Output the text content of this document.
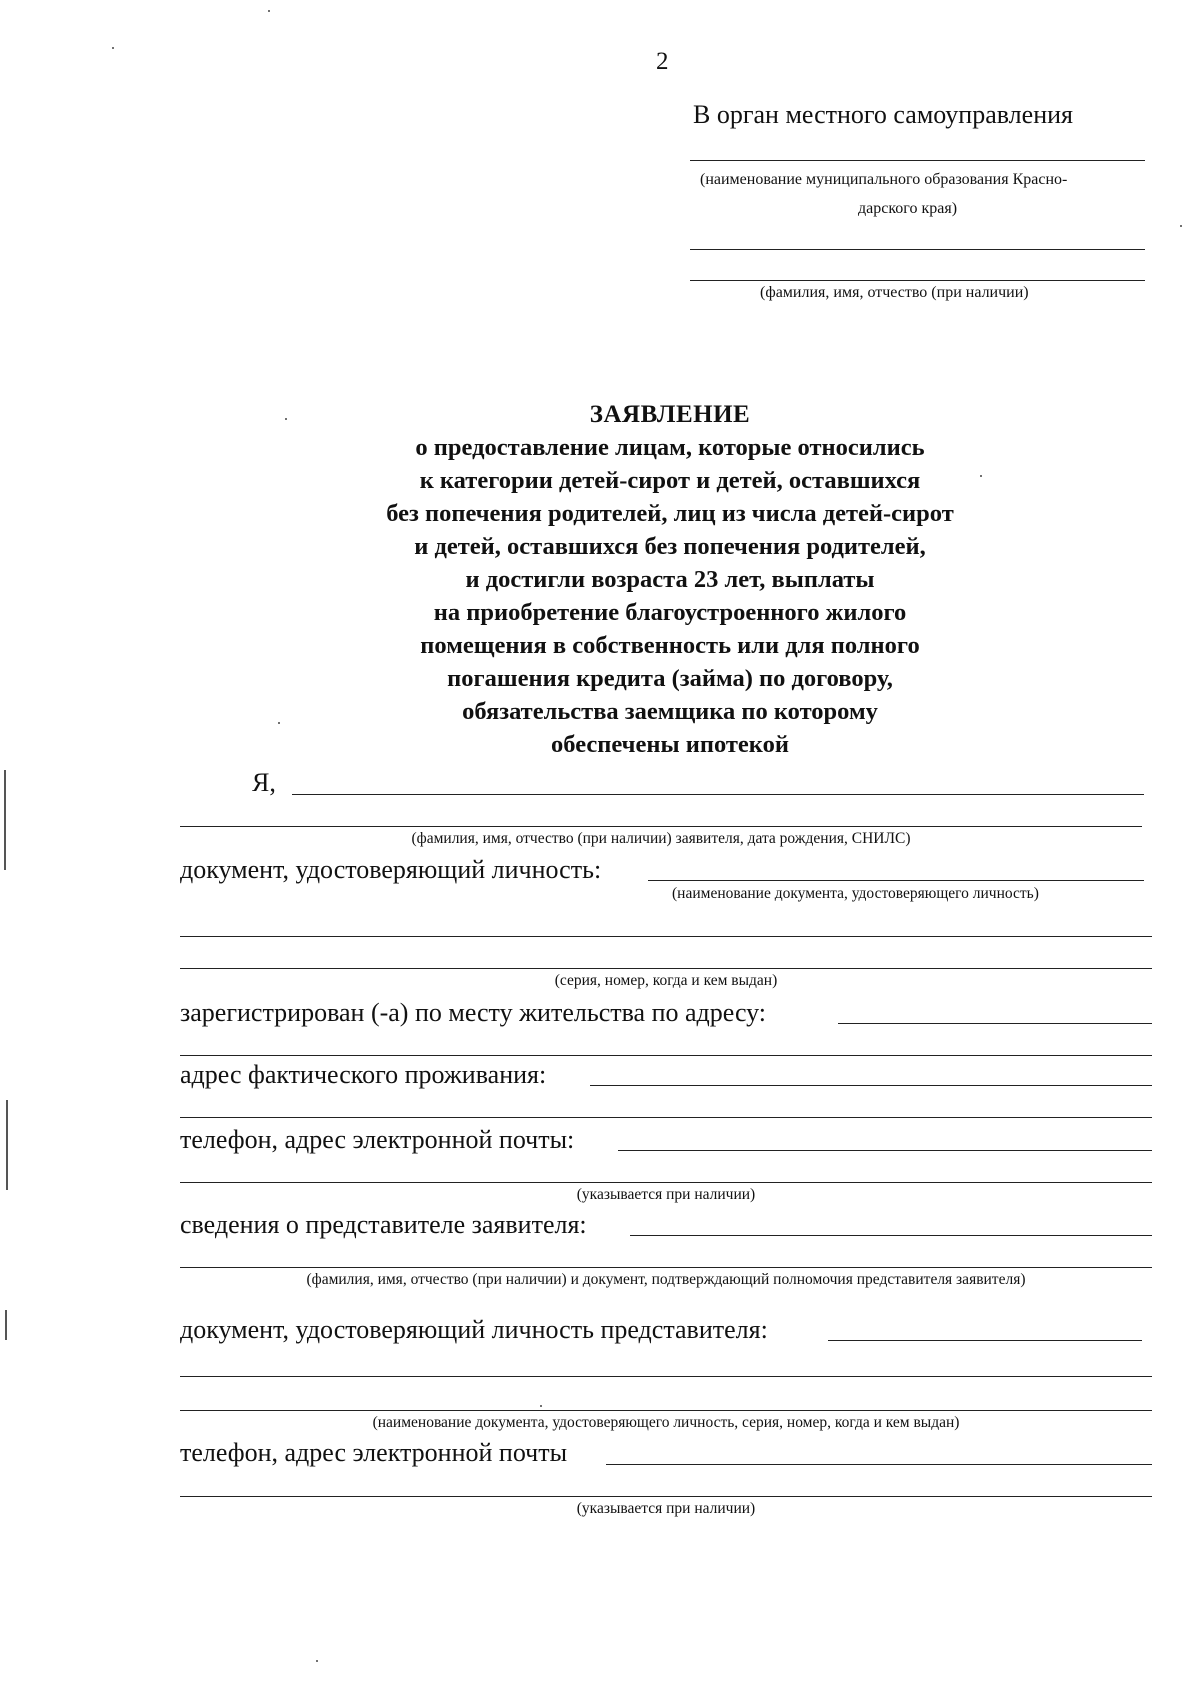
2
В орган местного самоуправления
(наименование муниципального образования Красно-
дарского края)
(фамилия, имя, отчество (при наличии)
ЗАЯВЛЕНИЕ
о предоставление лицам, которые относились
к категории детей-сирот и детей, оставшихся
без попечения родителей, лиц из числа детей-сирот
и детей, оставшихся без попечения родителей,
и достигли возраста 23 лет, выплаты
на приобретение благоустроенного жилого
помещения в собственность или для полного
погашения кредита (займа) по договору,
обязательства заемщика по которому
обеспечены ипотекой
Я,
(фамилия, имя, отчество (при наличии) заявителя, дата рождения, СНИЛС)
документ, удостоверяющий личность:
(наименование документа, удостоверяющего личность)
(серия, номер, когда и кем выдан)
зарегистрирован (-а) по месту жительства по адресу:
адрес фактического проживания:
телефон, адрес электронной почты:
(указывается при наличии)
сведения о представителе заявителя:
(фамилия, имя, отчество (при наличии) и документ, подтверждающий полномочия представителя заявителя)
документ, удостоверяющий личность представителя:
(наименование документа, удостоверяющего личность, серия, номер, когда и кем выдан)
телефон, адрес электронной почты
(указывается при наличии)
